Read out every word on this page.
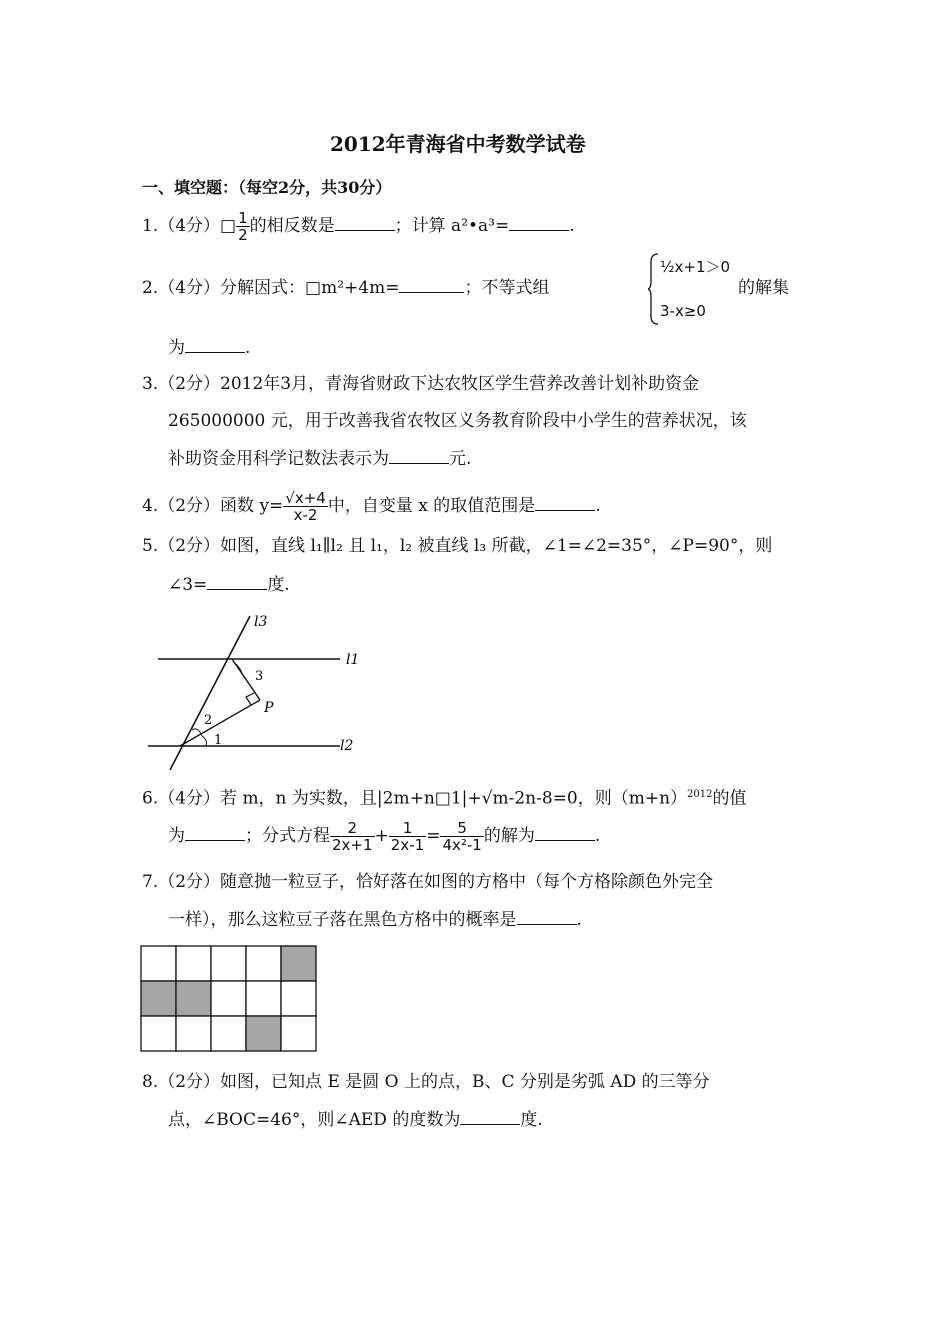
2012年青海省中考数学试卷
一、填空题：（每空2分，共30分）
1.（4分）□ $\frac{1}{2}$ 的相反数是	；计算 a²•a³=	.
2.（4分）分解因式：□m²+4m=	；不等式组
½x+1＞0
3-x≥0
的解集
为	.
3.（2分）2012年3月，青海省财政下达农牧区学生营养改善计划补助资金
265000000 元，用于改善我省农牧区义务教育阶段中小学生的营养状况，该
补助资金用科学记数法表示为	元.
4.（2分）函数 $y= \frac{√x+4}{x-2}$ 中，自变量 x 的取值范围是	.
5.（2分）如图，直线 l₁∥l₂ 且 l₁，l₂ 被直线 l₃ 所截，∠1=∠2=35°，∠P=90°，则
∠3=	度.
l3
l1
l2
P
1
2
3
6.（4分）若 m，n 为实数，且|2m+n□1|+√m-2n-8=0，则$(m+n)^{2012}$的值
为	；分式方程 $\frac{2}{2x+1} + \frac{1}{2x-1} = \frac{5}{\text{4x²-1}}$ 的解为	.
7.（2分）随意抛一粒豆子，恰好落在如图的方格中（每个方格除颜色外完全
一样），那么这粒豆子落在黑色方格中的概率是	.
8.（2分）如图，已知点 E 是圆 O 上的点，B、C 分别是劣弧 AD 的三等分
点，∠BOC=46°，则∠AED 的度数为	度.
